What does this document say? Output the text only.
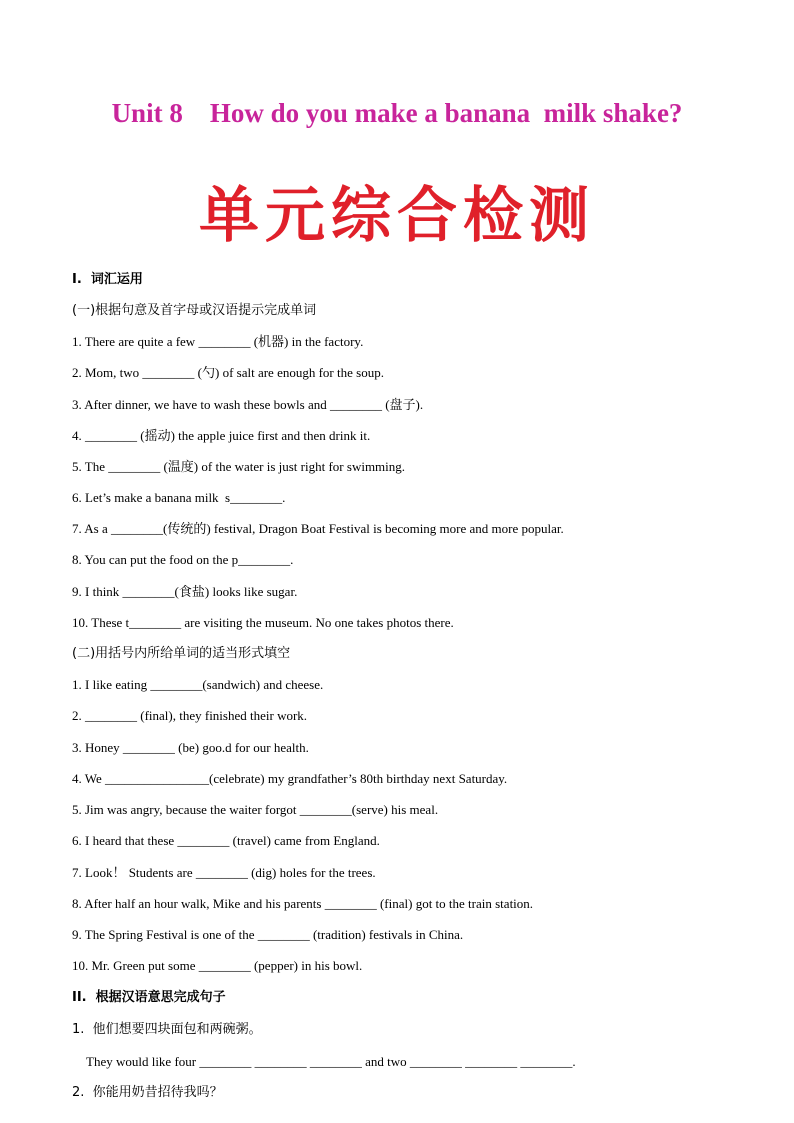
Unit 8    How do you make a banana  milk shake?
单元综合检测
I.  词汇运用
(一)根据句意及首字母或汉语提示完成单词
1. There are quite a few ________ (机器) in the factory.
2. Mom, two ________ (勺) of salt are enough for the soup.
3. After dinner, we have to wash these bowls and ________ (盘子).
4. ________ (摇动) the apple juice first and then drink it.
5. The ________ (温度) of the water is just right for swimming.
6. Let’s make a banana milk  s________.
7. As a ________(传统的) festival, Dragon Boat Festival is becoming more and more popular.
8. You can put the food on the p________.
9. I think ________(食盐) looks like sugar.
10. These t________ are visiting the museum. No one takes photos there.
(二)用括号内所给单词的适当形式填空
1. I like eating ________(sandwich) and cheese.
2. ________ (final), they finished their work.
3. Honey ________ (be) goo.d for our health.
4. We ________________(celebrate) my grandfather’s 80th birthday next Saturday.
5. Jim was angry, because the waiter forgot ________(serve) his meal.
6. I heard that these ________ (travel) came from England.
7. Look！ Students are ________ (dig) holes for the trees.
8. After half an hour walk, Mike and his parents ________ (final) got to the train station.
9. The Spring Festival is one of the ________ (tradition) festivals in China.
10. Mr. Green put some ________ (pepper) in his bowl.
II.  根据汉语意思完成句子
1.  他们想要四块面包和两碗粥。
They would like four ________ ________ ________ and two ________ ________ ________.
2.  你能用奶昔招待我吗？
